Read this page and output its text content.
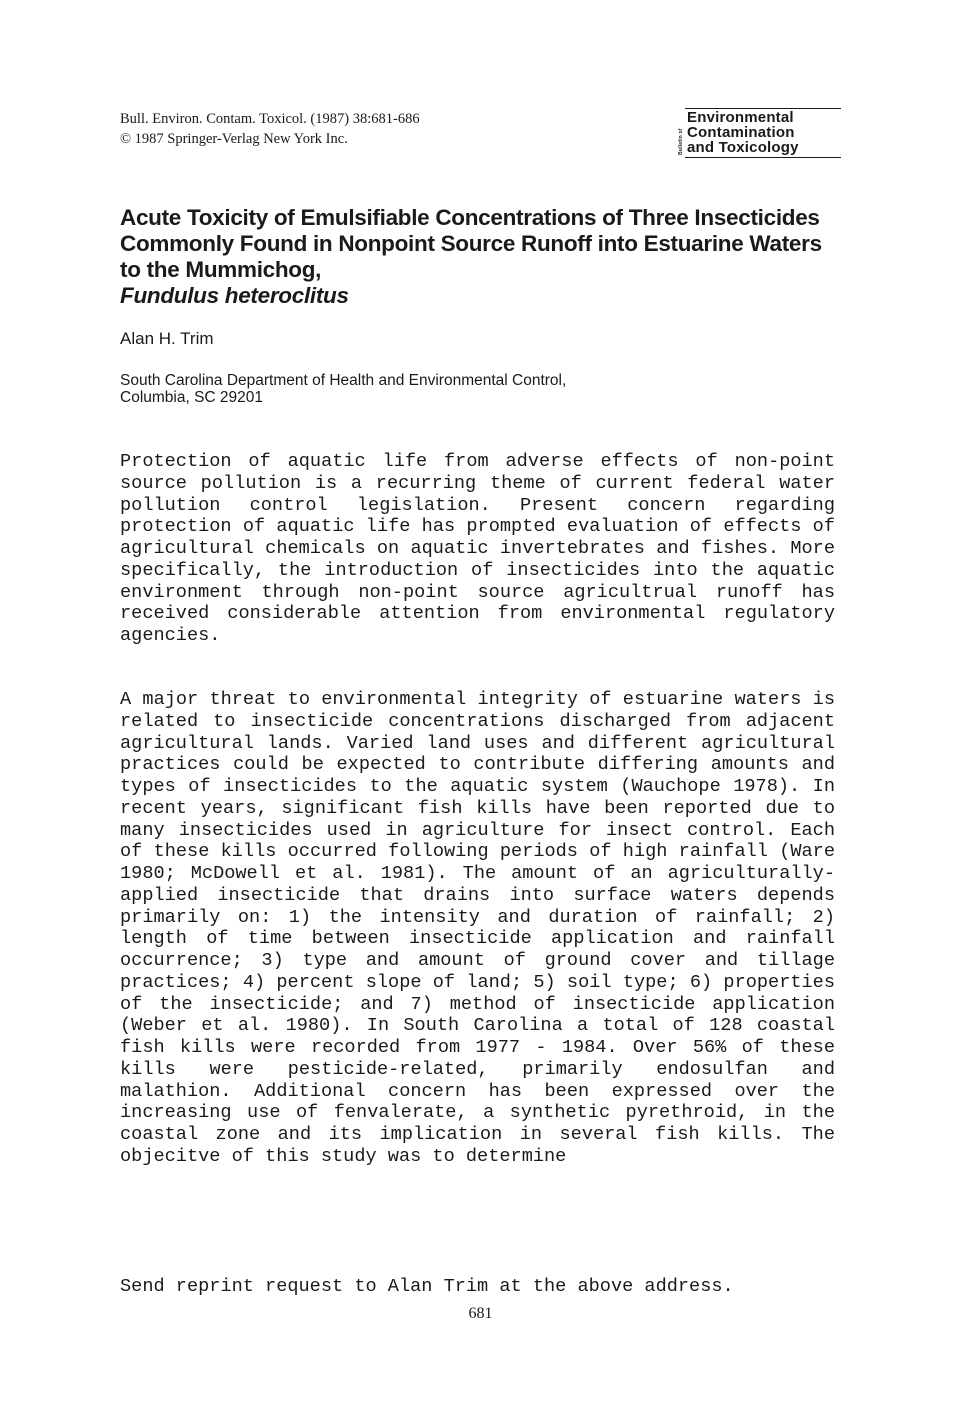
Bull. Environ. Contam. Toxicol. (1987) 38:681-686
© 1987 Springer-Verlag New York Inc.	Bulletin of
Environmental
Contamination
and Toxicology
Acute Toxicity of Emulsifiable Concentrations of Three Insecticides Commonly Found in Nonpoint Source Runoff into Estuarine Waters to the Mummichog,
Fundulus heteroclitus
Alan H. Trim
South Carolina Department of Health and Environmental Control,
Columbia, SC 29201

Protection of aquatic life from adverse effects of non-point source pollution is a recurring theme of current federal water pollution control legislation. Present concern regarding protection of aquatic life has prompted evaluation of effects of agricultural chemicals on aquatic invertebrates and fishes. More specifically, the introduction of insecticides into the aquatic environment through non-point source agricultrual runoff has received considerable attention from environmental regulatory agencies.

A major threat to environmental integrity of estuarine waters is related to insecticide concentrations discharged from adjacent agricultural lands. Varied land uses and different agricultural practices could be expected to contribute differing amounts and types of insecticides to the aquatic system (Wauchope 1978). In recent years, significant fish kills have been reported due to many insecticides used in agriculture for insect control. Each of these kills occurred following periods of high rainfall (Ware 1980; McDowell et al. 1981). The amount of an agriculturally-applied insecticide that drains into surface waters depends primarily on: 1) the intensity and duration of rainfall; 2) length of time between insecticide application and rainfall occurrence; 3) type and amount of ground cover and tillage practices; 4) percent slope of land; 5) soil type; 6) properties of the insecticide; and 7) method of insecticide application (Weber et al. 1980). In South Carolina a total of 128 coastal fish kills were recorded from 1977 - 1984. Over 56% of these kills were pesticide-related, primarily endosulfan and malathion. Additional concern has been expressed over the increasing use of fenvalerate, a synthetic pyrethroid, in the coastal zone and its implication in several fish kills. The objecitve of this study was to determine

Send reprint request to Alan Trim at the above address.
681
